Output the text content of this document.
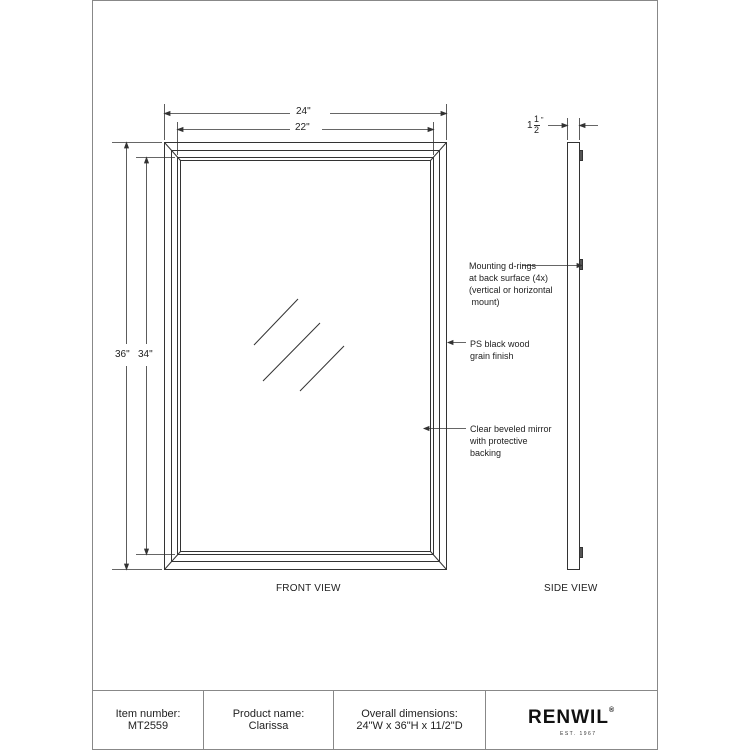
24"
22"
36" 34"
1
1
2
"
Mounting d-rings
at back surface (4x)
(vertical or horizontal
mount)
PS black wood
grain finish
Clear beveled mirror
with protective
backing
FRONT VIEW	SIDE VIEW
Item number:
MT2559
Product name:
Clarissa
Overall dimensions:
24"W x 36"H x 11/2"D	RENWIL®
EST. 1967
